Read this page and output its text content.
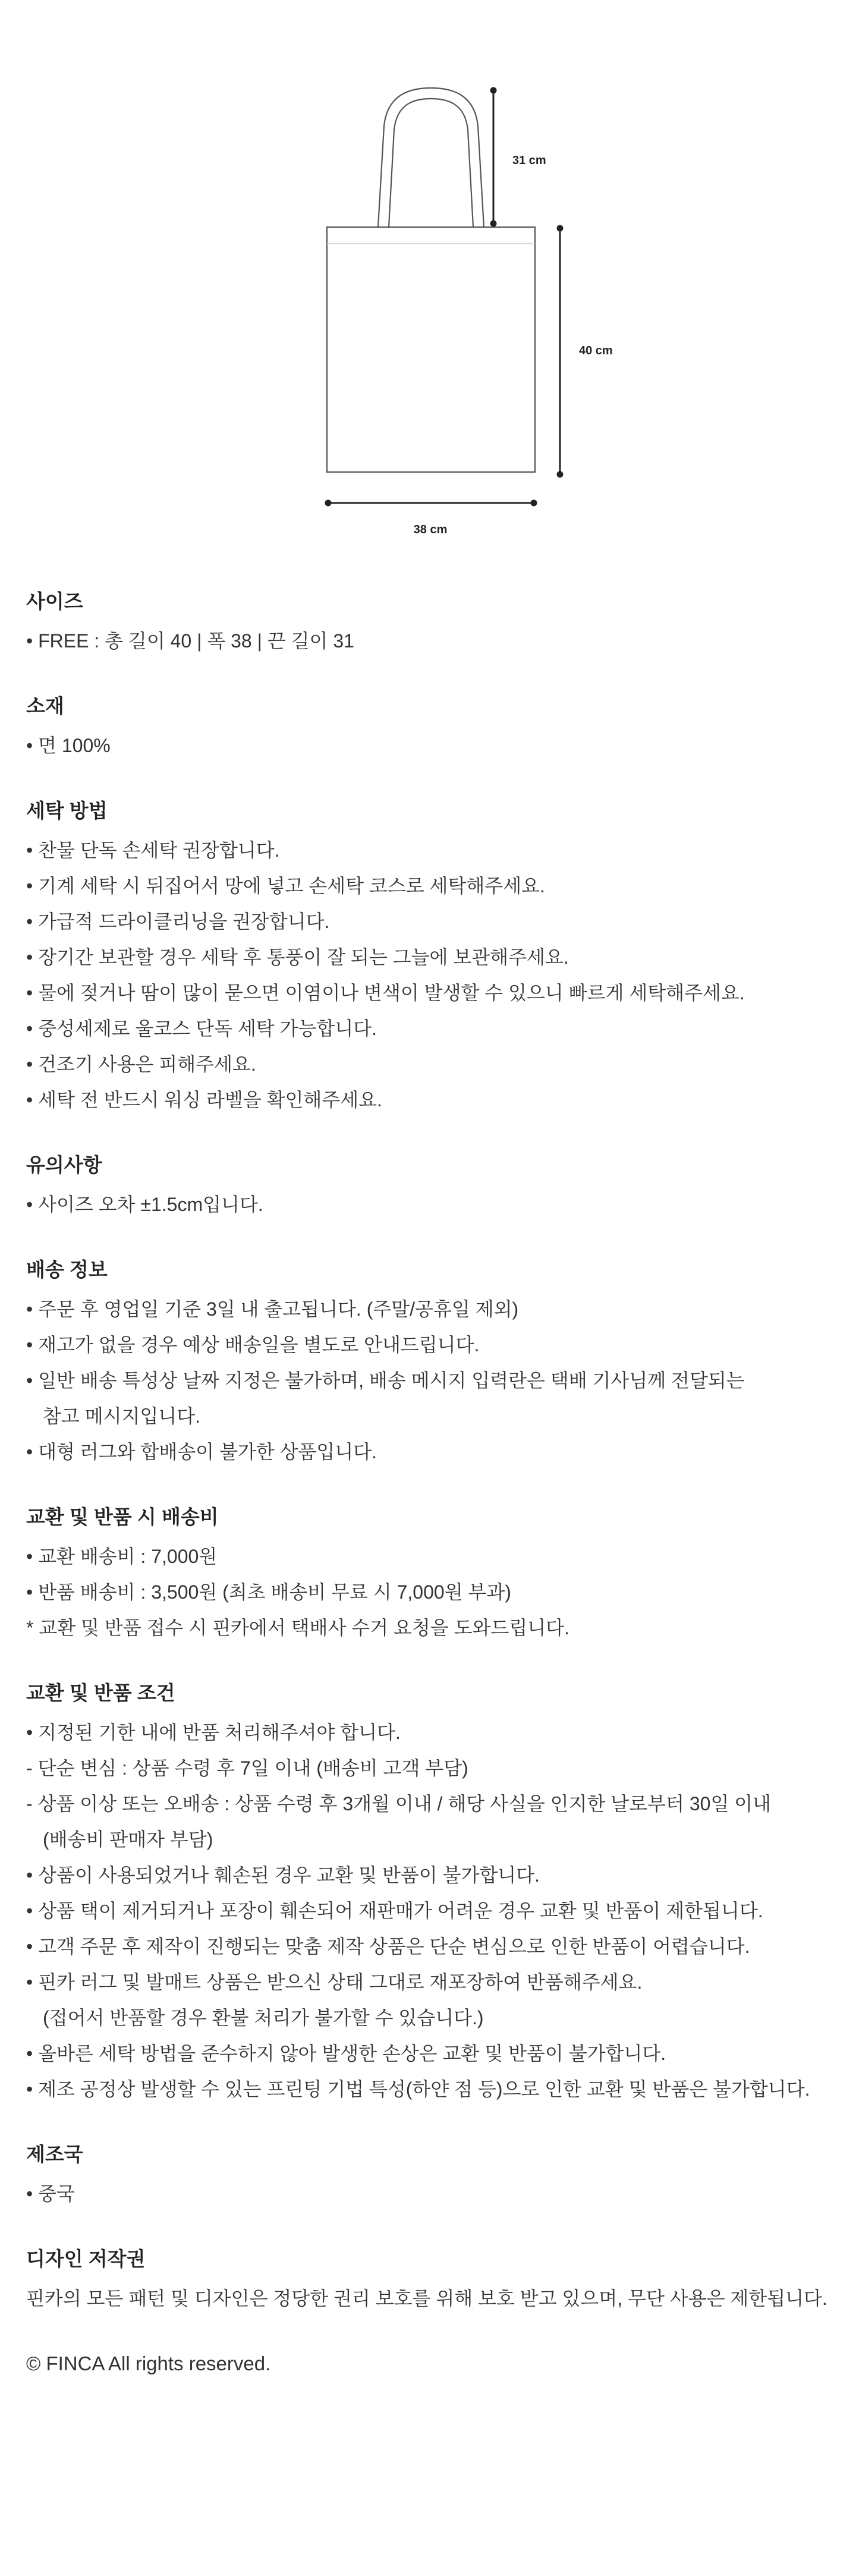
31 cm
40 cm
38 cm
사이즈
• FREE : 총 길이 40 | 폭 38 | 끈 길이 31
소재
• 면 100%
세탁 방법
• 찬물 단독 손세탁 권장합니다.
• 기계 세탁 시 뒤집어서 망에 넣고 손세탁 코스로 세탁해주세요.
• 가급적 드라이클리닝을 권장합니다.
• 장기간 보관할 경우 세탁 후 통풍이 잘 되는 그늘에 보관해주세요.
• 물에 젖거나 땀이 많이 묻으면 이염이나 변색이 발생할 수 있으니 빠르게 세탁해주세요.
• 중성세제로 울코스 단독 세탁 가능합니다.
• 건조기 사용은 피해주세요.
• 세탁 전 반드시 워싱 라벨을 확인해주세요.
유의사항
• 사이즈 오차 ±1.5cm입니다.
배송 정보
• 주문 후 영업일 기준 3일 내 출고됩니다. (주말/공휴일 제외)
• 재고가 없을 경우 예상 배송일을 별도로 안내드립니다.
• 일반 배송 특성상 날짜 지정은 불가하며, 배송 메시지 입력란은 택배 기사님께 전달되는
참고 메시지입니다.
• 대형 러그와 합배송이 불가한 상품입니다.
교환 및 반품 시 배송비
• 교환 배송비 : 7,000원
• 반품 배송비 : 3,500원 (최초 배송비 무료 시 7,000원 부과)
* 교환 및 반품 접수 시 핀카에서 택배사 수거 요청을 도와드립니다.
교환 및 반품 조건
• 지정된 기한 내에 반품 처리해주셔야 합니다.
- 단순 변심 : 상품 수령 후 7일 이내 (배송비 고객 부담)
- 상품 이상 또는 오배송 : 상품 수령 후 3개월 이내 / 해당 사실을 인지한 날로부터 30일 이내
(배송비 판매자 부담)
• 상품이 사용되었거나 훼손된 경우 교환 및 반품이 불가합니다.
• 상품 택이 제거되거나 포장이 훼손되어 재판매가 어려운 경우 교환 및 반품이 제한됩니다.
• 고객 주문 후 제작이 진행되는 맞춤 제작 상품은 단순 변심으로 인한 반품이 어렵습니다.
• 핀카 러그 및 발매트 상품은 받으신 상태 그대로 재포장하여 반품해주세요.
(접어서 반품할 경우 환불 처리가 불가할 수 있습니다.)
• 올바른 세탁 방법을 준수하지 않아 발생한 손상은 교환 및 반품이 불가합니다.
• 제조 공정상 발생할 수 있는 프린팅 기법 특성(하얀 점 등)으로 인한 교환 및 반품은 불가합니다.
제조국
• 중국
디자인 저작권
핀카의 모든 패턴 및 디자인은 정당한 권리 보호를 위해 보호 받고 있으며, 무단 사용은 제한됩니다.
© FINCA All rights reserved.
